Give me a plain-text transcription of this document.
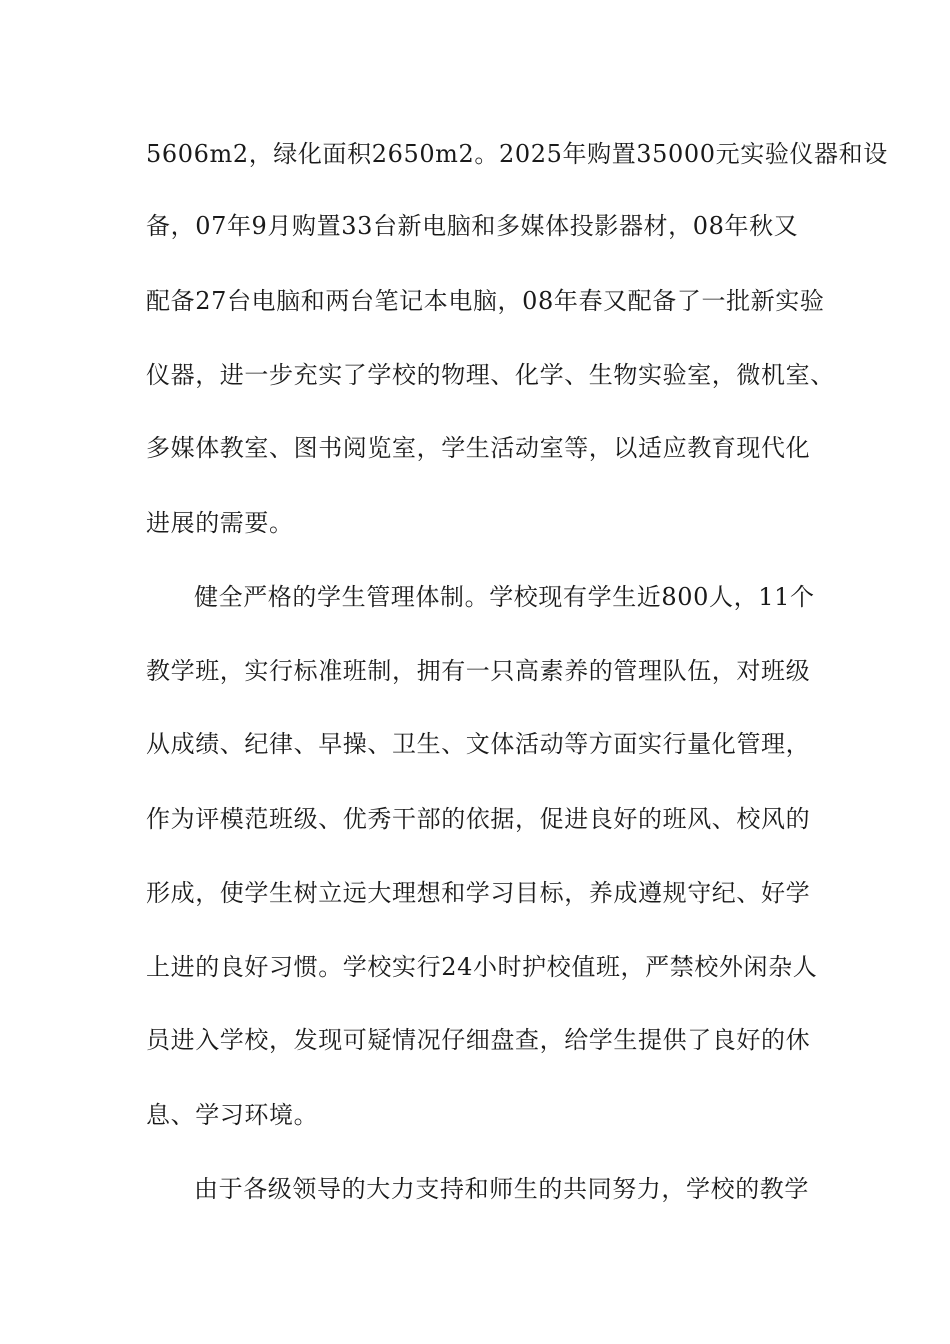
5606m2，绿化面积2650m2。2025年购置35000元实验仪器和设
备，07年9月购置33台新电脑和多媒体投影器材，08年秋又
配备27台电脑和两台笔记本电脑，08年春又配备了一批新实验
仪器，进一步充实了学校的物理、化学、生物实验室，微机室、
多媒体教室、图书阅览室，学生活动室等，以适应教育现代化
进展的需要。
健全严格的学生管理体制。学校现有学生近800人，11个
教学班，实行标准班制，拥有一只高素养的管理队伍，对班级
从成绩、纪律、早操、卫生、文体活动等方面实行量化管理，
作为评模范班级、优秀干部的依据，促进良好的班风、校风的
形成，使学生树立远大理想和学习目标，养成遵规守纪、好学
上进的良好习惯。学校实行24小时护校值班，严禁校外闲杂人
员进入学校，发现可疑情况仔细盘查，给学生提供了良好的休
息、学习环境。
由于各级领导的大力支持和师生的共同努力，学校的教学
